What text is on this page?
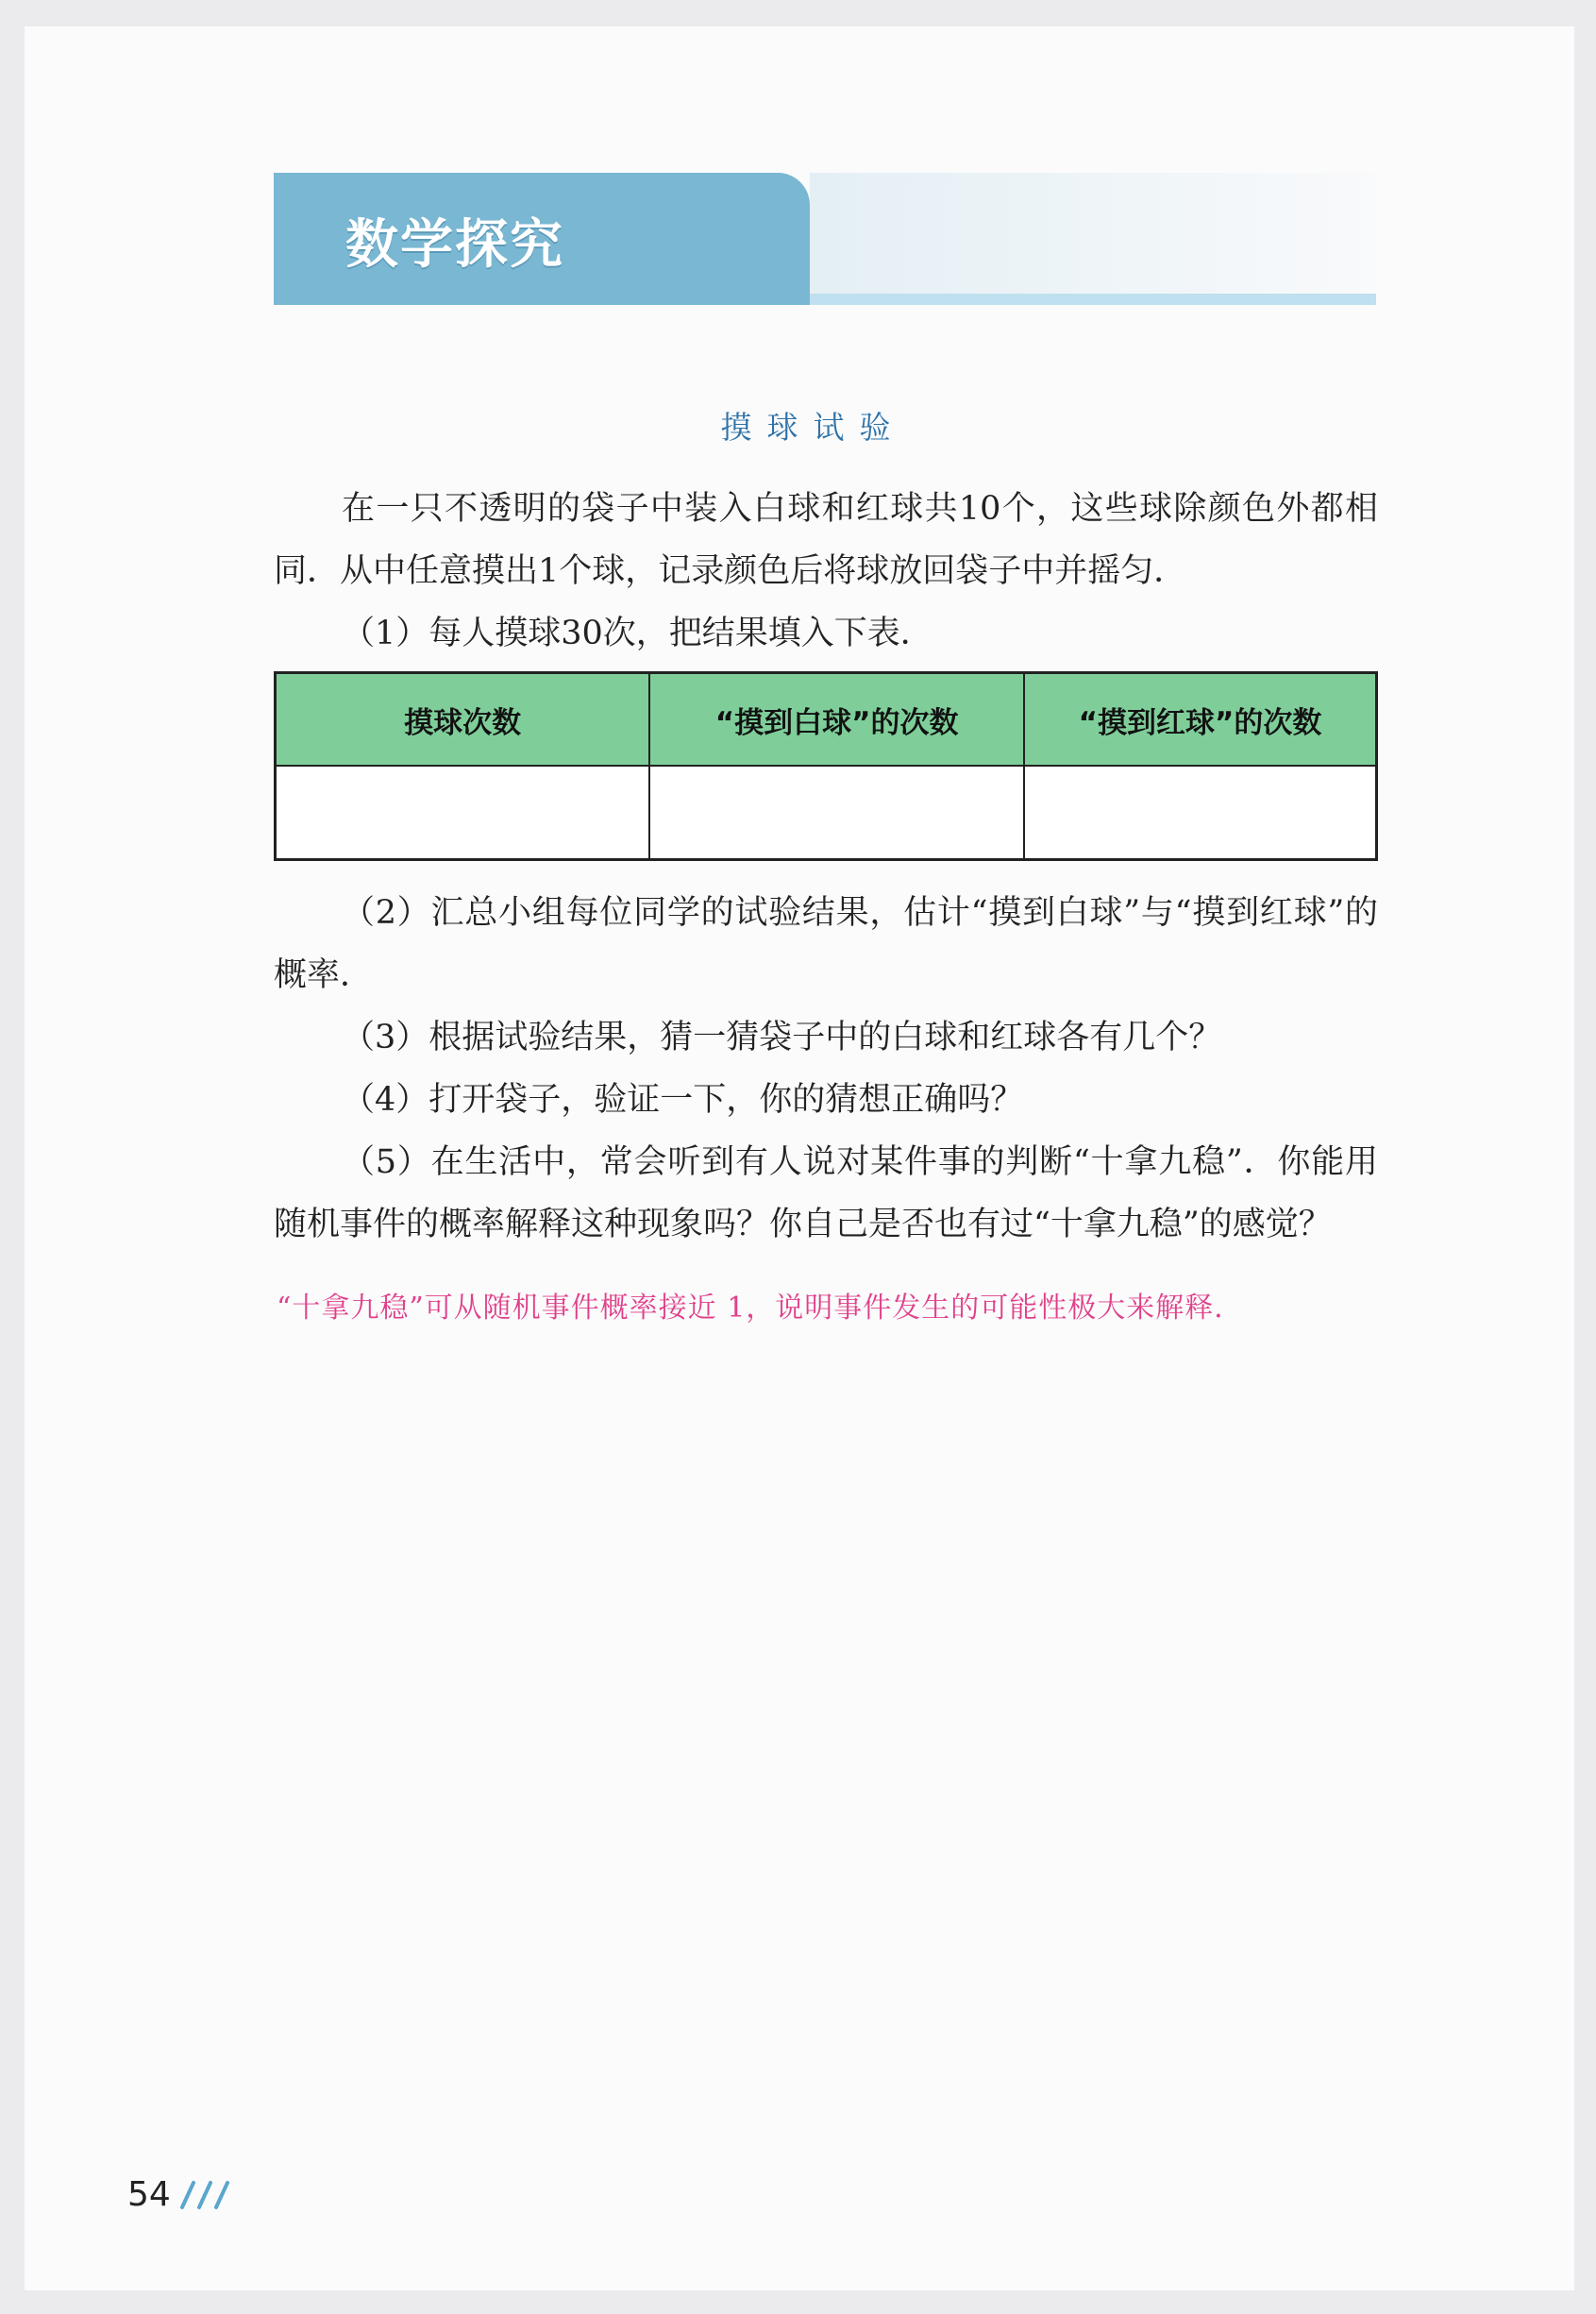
数学探究
摸球试验
在一只不透明的袋子中装入白球和红球共10个，这些球除颜色外都相同．从中任意摸出1个球，记录颜色后将球放回袋子中并摇匀．
（1）每人摸球30次，把结果填入下表．
摸球次数	“摸到白球”的次数	“摸到红球”的次数

（2）汇总小组每位同学的试验结果，估计“摸到白球”与“摸到红球”的概率．
（3）根据试验结果，猜一猜袋子中的白球和红球各有几个？
（4）打开袋子，验证一下，你的猜想正确吗？
（5）在生活中，常会听到有人说对某件事的判断“十拿九稳”．你能用随机事件的概率解释这种现象吗？你自己是否也有过“十拿九稳”的感觉？
“十拿九稳”可从随机事件概率接近 1，说明事件发生的可能性极大来解释．
54
